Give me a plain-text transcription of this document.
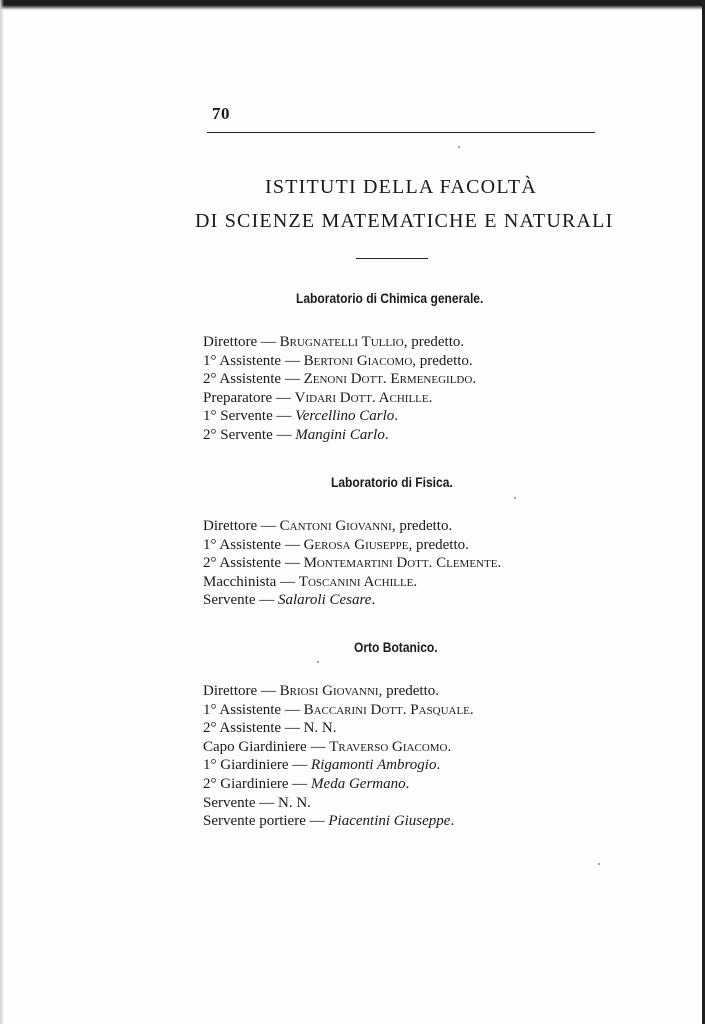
70
ISTITUTI DELLA FACOLTÀ
DI SCIENZE MATEMATICHE E NATURALI
Laboratorio di Chimica generale.
Direttore — Brugnatelli Tullio, predetto.
1° Assistente — Bertoni Giacomo, predetto.
2° Assistente — Zenoni Dott. Ermenegildo.
Preparatore — Vidari Dott. Achille.
1° Servente — Vercellino Carlo.
2° Servente — Mangini Carlo.
Laboratorio di Fisica.
Direttore — Cantoni Giovanni, predetto.
1° Assistente — Gerosa Giuseppe, predetto.
2° Assistente — Montemartini Dott. Clemente.
Macchinista — Toscanini Achille.
Servente — Salaroli Cesare.
Orto Botanico.
Direttore — Briosi Giovanni, predetto.
1° Assistente — Baccarini Dott. Pasquale.
2° Assistente — N. N.
Capo Giardiniere — Traverso Giacomo.
1° Giardiniere — Rigamonti Ambrogio.
2° Giardiniere — Meda Germano.
Servente — N. N.
Servente portiere — Piacentini Giuseppe.
